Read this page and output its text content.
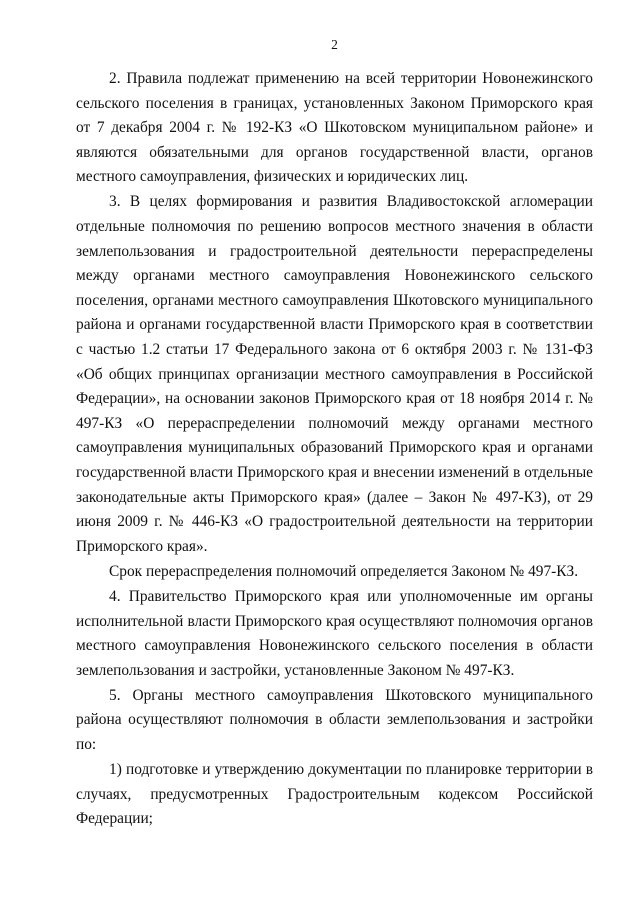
2

2. Правила подлежат применению на всей территории Новонежинского сельского поселения в границах, установленных Законом Приморского края от 7 декабря 2004 г. № 192-КЗ «О Шкотовском муниципальном районе» и являются обязательными для органов государственной власти, органов местного самоуправления, физических и юридических лиц.

3. В целях формирования и развития Владивостокской агломерации отдельные полномочия по решению вопросов местного значения в области землепользования и градостроительной деятельности перераспределены между органами местного самоуправления Новонежинского сельского поселения, органами местного самоуправления Шкотовского муниципального района и органами государственной власти Приморского края в соответствии с частью 1.2 статьи 17 Федерального закона от 6 октября 2003 г. № 131-ФЗ «Об общих принципах организации местного самоуправления в Российской Федерации», на основании законов Приморского края от 18 ноября 2014 г. № 497-КЗ «О перераспределении полномочий между органами местного самоуправления муниципальных образований Приморского края и органами государственной власти Приморского края и внесении изменений в отдельные законодательные акты Приморского края» (далее – Закон № 497-КЗ), от 29 июня 2009 г. № 446-КЗ «О градостроительной деятельности на территории Приморского края».

Срок перераспределения полномочий определяется Законом № 497-КЗ.

4. Правительство Приморского края или уполномоченные им органы исполнительной власти Приморского края осуществляют полномочия органов местного самоуправления Новонежинского сельского поселения в области землепользования и застройки, установленные Законом № 497-КЗ.

5. Органы местного самоуправления Шкотовского муниципального района осуществляют полномочия в области землепользования и застройки по:

1) подготовке и утверждению документации по планировке территории в случаях, предусмотренных Градостроительным кодексом Российской Федерации;
